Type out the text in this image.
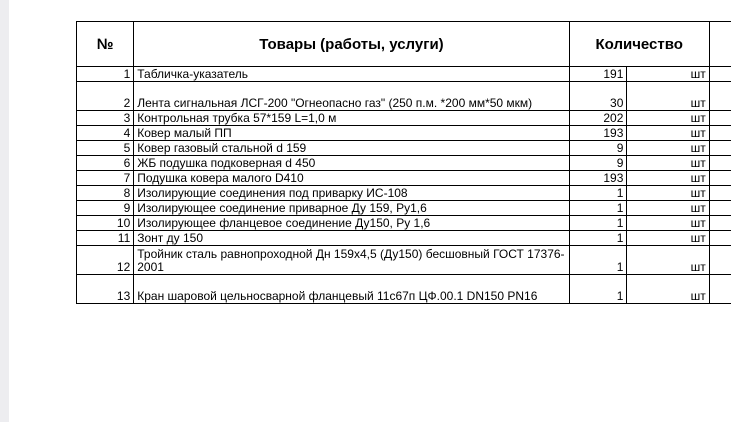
№	Товары (работы, услуги)	Количество		
1	Табличка-указатель	191	шт	
2	Лента сигнальная ЛСГ-200 "Огнеопасно газ" (250 п.м. *200 мм*50 мкм)	30	шт	
3	Контрольная трубка 57*159 L=1,0 м	202	шт	
4	Ковер малый ПП	193	шт	
5	Ковер газовый стальной d 159	9	шт	
6	ЖБ подушка подковерная d 450	9	шт	
7	Подушка ковера малого D410	193	шт	
8	Изолирующие соединения под приварку ИС-108	1	шт	
9	Изолирующее соединение приварное Ду 159, Ру1,6	1	шт	
10	Изолирующее фланцевое соединение Ду150, Ру 1,6	1	шт	
11	Зонт ду 150	1	шт	
12	Тройник сталь равнопроходной Дн 159х4,5 (Ду150) бесшовный ГОСТ 17376-2001	1	шт	
13	Кран шаровой цельносварной фланцевый 11с67п ЦФ.00.1 DN150 PN16	1	шт	
